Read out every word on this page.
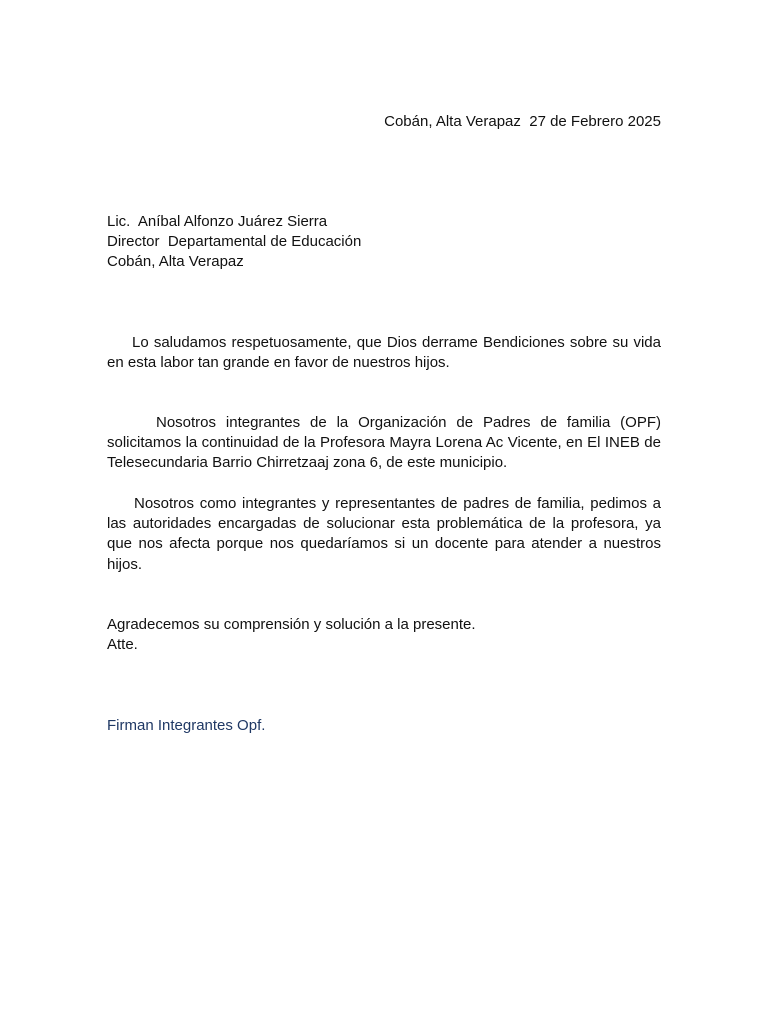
Cobán, Alta Verapaz  27 de Febrero 2025

Lic.  Aníbal Alfonzo Juárez Sierra

Director  Departamental de Educación

Cobán, Alta Verapaz

Lo saludamos respetuosamente, que Dios derrame Bendiciones sobre su vida en esta labor tan grande en favor de nuestros hijos.

Nosotros integrantes de la Organización de Padres de familia (OPF) solicitamos la continuidad de la Profesora Mayra Lorena Ac Vicente, en El INEB de Telesecundaria Barrio Chirretzaaj zona 6, de este municipio.

Nosotros como integrantes y representantes de padres de familia, pedimos a las autoridades encargadas de solucionar esta problemática de la profesora, ya que nos afecta porque nos quedaríamos si un docente para atender a nuestros hijos.

Agradecemos su comprensión y solución a la presente.

Atte.

Firman Integrantes Opf.
